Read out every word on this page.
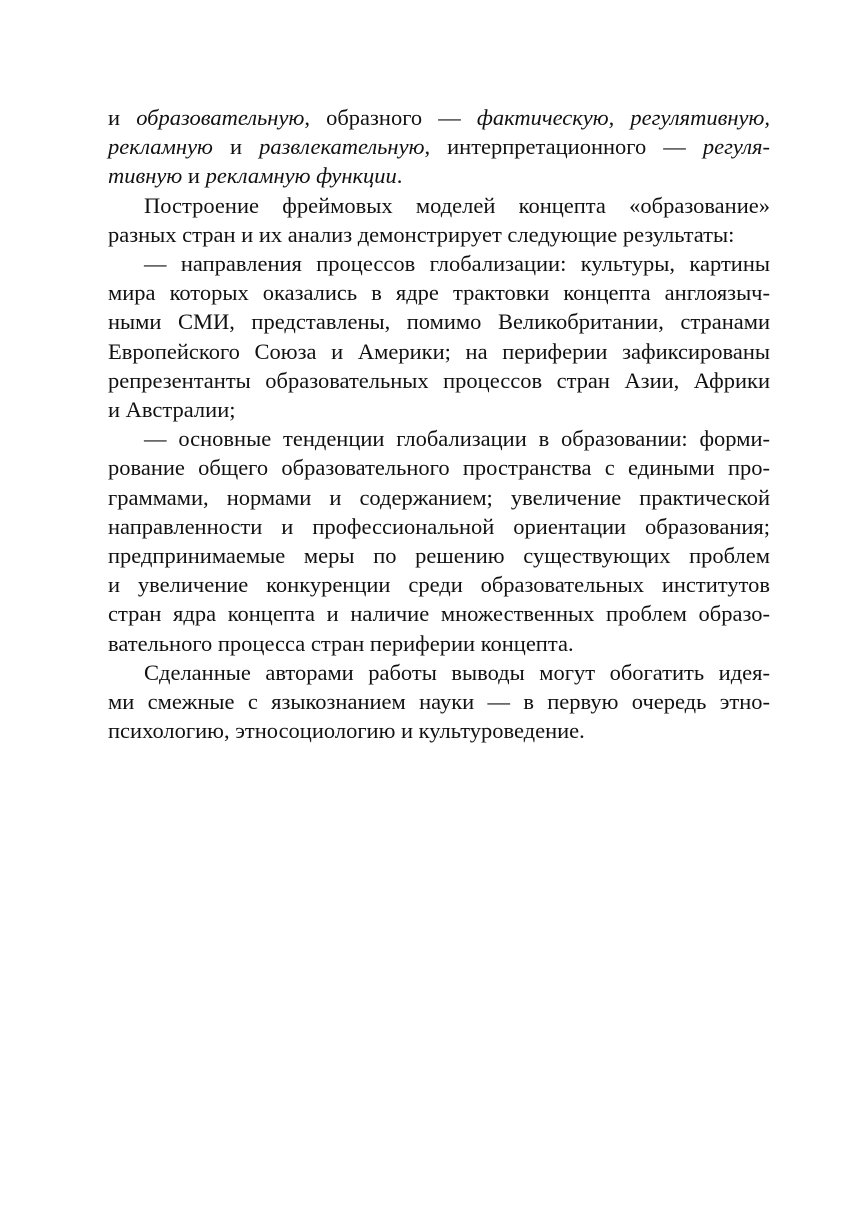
и образовательную, образного — фактическую, регулятивную,
рекламную и развлекательную, интерпретационного — регуля-
тивную и рекламную функции.
Построение фреймовых моделей концепта «образование»
разных стран и их анализ демонстрирует следующие результаты:
— направления процессов глобализации: культуры, картины
мира которых оказались в ядре трактовки концепта англоязыч-
ными СМИ, представлены, помимо Великобритании, странами
Европейского Союза и Америки; на периферии зафиксированы
репрезентанты образовательных процессов стран Азии, Африки
и Австралии;
— основные тенденции глобализации в образовании: форми-
рование общего образовательного пространства с едиными про-
граммами, нормами и содержанием; увеличение практической
направленности и профессиональной ориентации образования;
предпринимаемые меры по решению существующих проблем
и увеличение конкуренции среди образовательных институтов
стран ядра концепта и наличие множественных проблем образо-
вательного процесса стран периферии концепта.
Сделанные авторами работы выводы могут обогатить идея-
ми смежные с языкознанием науки — в первую очередь этно-
психологию, этносоциологию и культуроведение.
